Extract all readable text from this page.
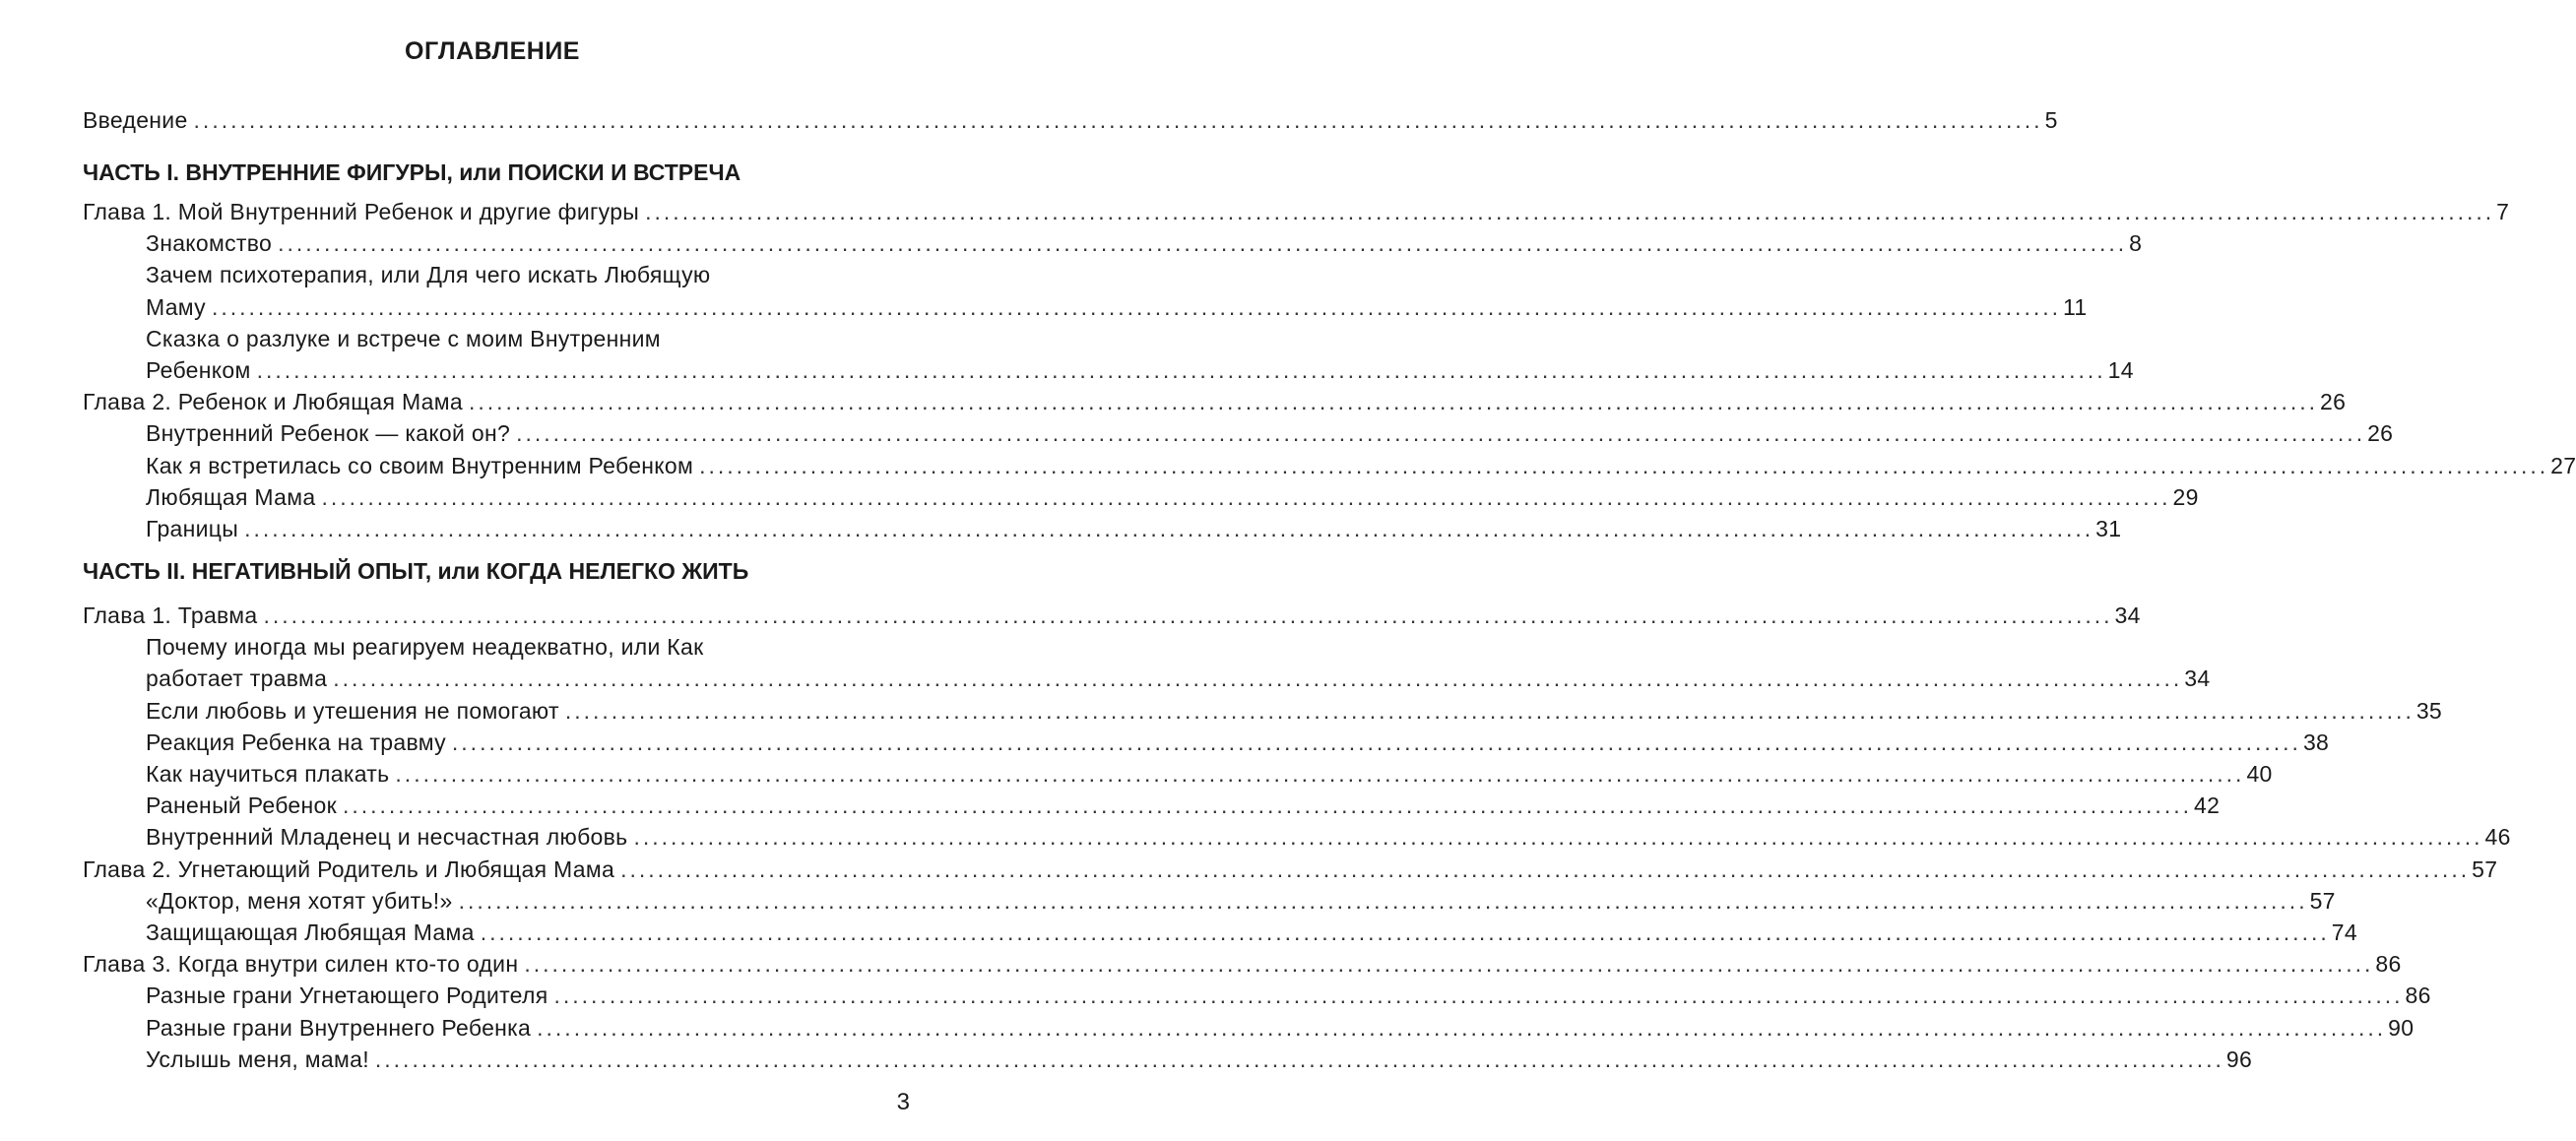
ОГЛАВЛЕНИЕ
Введение ........................................................................................................................................................................................................ 5
ЧАСТЬ I. ВНУТРЕННИЕ ФИГУРЫ, или ПОИСКИ И ВСТРЕЧА
Глава 1. Мой Внутренний Ребенок и другие фигуры ........................................................................................................................................................................................................ 7
Знакомство ........................................................................................................................................................................................................ 8
Зачем психотерапия, или Для чего искать Любящую
Маму ........................................................................................................................................................................................................ 11
Сказка о разлуке и встрече с моим Внутренним
Ребенком ........................................................................................................................................................................................................ 14
Глава 2. Ребенок и Любящая Мама ........................................................................................................................................................................................................ 26
Внутренний Ребенок — какой он? ........................................................................................................................................................................................................ 26
Как я встретилась со своим Внутренним Ребенком ........................................................................................................................................................................................................ 27
Любящая Мама ........................................................................................................................................................................................................ 29
Границы ........................................................................................................................................................................................................ 31
ЧАСТЬ II. НЕГАТИВНЫЙ ОПЫТ, или КОГДА НЕЛЕГКО ЖИТЬ
Глава 1. Травма ........................................................................................................................................................................................................ 34
Почему иногда мы реагируем неадекватно, или Как
работает травма ........................................................................................................................................................................................................ 34
Если любовь и утешения не помогают ........................................................................................................................................................................................................ 35
Реакция Ребенка на травму ........................................................................................................................................................................................................ 38
Как научиться плакать ........................................................................................................................................................................................................ 40
Раненый Ребенок ........................................................................................................................................................................................................ 42
Внутренний Младенец и несчастная любовь ........................................................................................................................................................................................................ 46
Глава 2. Угнетающий Родитель и Любящая Мама ........................................................................................................................................................................................................ 57
«Доктор, меня хотят убить!» ........................................................................................................................................................................................................ 57
Защищающая Любящая Мама ........................................................................................................................................................................................................ 74
Глава 3. Когда внутри силен кто-то один ........................................................................................................................................................................................................ 86
Разные грани Угнетающего Родителя ........................................................................................................................................................................................................ 86
Разные грани Внутреннего Ребенка ........................................................................................................................................................................................................ 90
Услышь меня, мама! ........................................................................................................................................................................................................ 96
3
